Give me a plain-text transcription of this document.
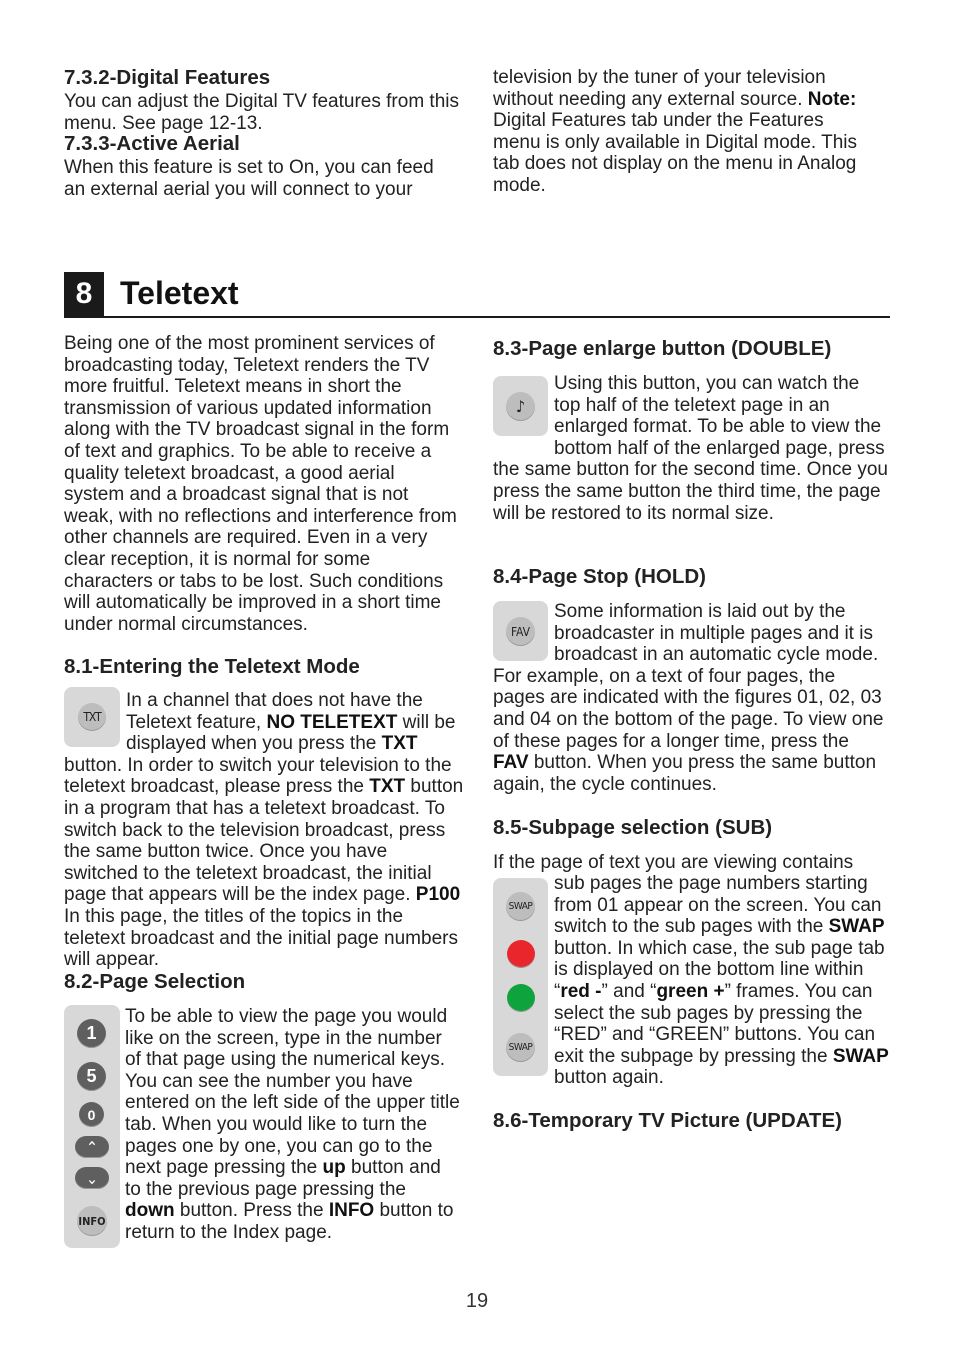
7.3.2-Digital Features
You can adjust the Digital TV features from this menu. See page 12-13.
7.3.3-Active Aerial
When this feature is set to On, you can feed an external aerial you will connect to your
television by the tuner of your television without needing any external source. Note: Digital Features tab under the Features menu is only available in Digital mode. This tab does not display on the menu in Analog mode.
8 Teletext
Being one of the most prominent services of broadcasting today, Teletext renders the TV more fruitful. Teletext means in short the transmission of various updated information along with the TV broadcast signal in the form of text and graphics. To be able to receive a quality teletext broadcast, a good aerial system and a broadcast signal that is not weak, with no reflections and interference from other channels are required. Even in a very clear reception, it is normal for some characters or tabs to be lost. Such conditions will automatically be improved in a short time under normal circumstances.
8.1-Entering the Teletext Mode
TXT
In a channel that does not have the Teletext feature, NO TELETEXT will be displayed when you press the TXT button. In order to switch your television to the teletext broadcast, please press the TXT button in a program that has a teletext broadcast. To switch back to the television broadcast, press the same button twice. Once you have switched to the teletext broadcast, the initial page that appears will be the index page. P100 In this page, the titles of the topics in the teletext broadcast and the initial page numbers will appear.
8.2-Page Selection
1
5
0
⌃
⌄
INFO
To be able to view the page you would like on the screen, type in the number of that page using the numerical keys. You can see the number you have entered on the left side of the upper title tab. When you would like to turn the pages one by one, you can go to the next page pressing the up button and to the previous page pressing the down button. Press the INFO button to return to the Index page.
8.3-Page enlarge button (DOUBLE)
♪
Using this button, you can watch the top half of the teletext page in an enlarged format. To be able to view the bottom half of the enlarged page, press the same button for the second time. Once you press the same button the third time, the page will be restored to its normal size.
8.4-Page Stop (HOLD)
FAV
Some information is laid out by the broadcaster in multiple pages and it is broadcast in an automatic cycle mode. For example, on a text of four pages, the pages are indicated with the figures 01, 02, 03 and 04 on the bottom of the page. To view one of these pages for a longer time, press the FAV button. When you press the same button again, the cycle continues.
8.5-Subpage selection (SUB)
If the page of text you are viewing contains
SWAP
SWAP
sub pages the page numbers starting from 01 appear on the screen. You can switch to the sub pages with the SWAP button. In which case, the sub page tab is displayed on the bottom line within “red -” and “green +” frames. You can select the sub pages by pressing the “RED” and “GREEN” buttons. You can exit the subpage by pressing the SWAP button again.
8.6-Temporary TV Picture (UPDATE)
19
